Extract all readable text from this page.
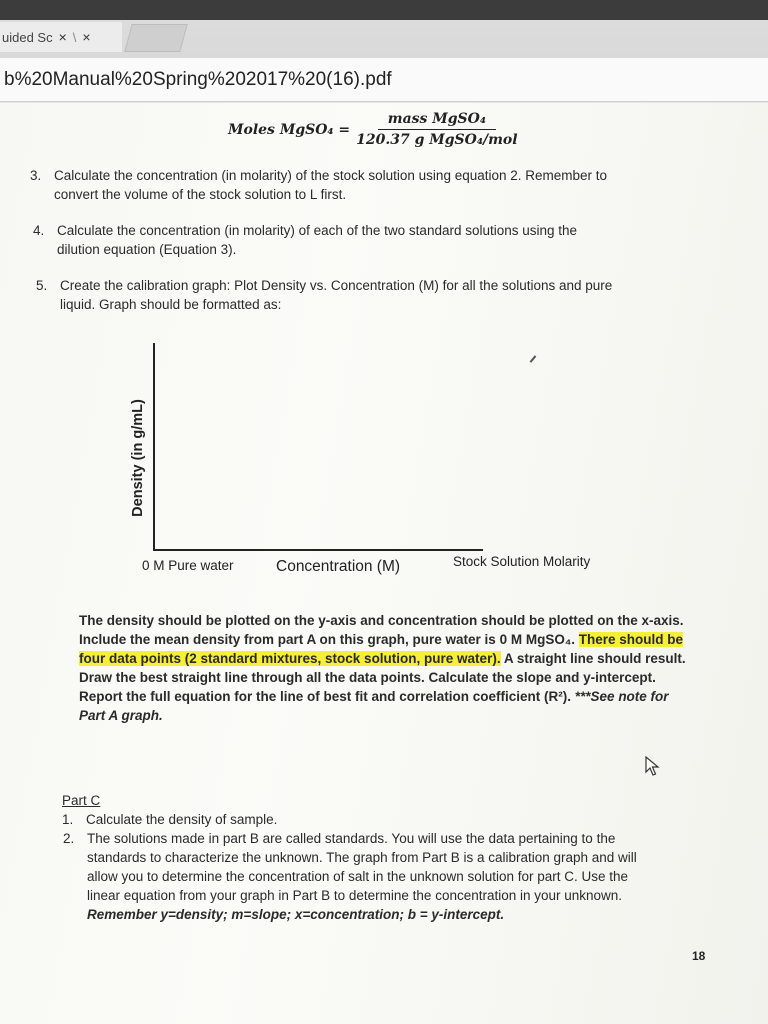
uided Sc × \ ×
b%20Manual%20Spring%202017%20(16).pdf
Moles MgSO₄ = $\frac{\text{mass MgSO₄}}{\text{120.37 g MgSO₄/mol}}$
3. Calculate the concentration (in molarity) of the stock solution using equation 2. Remember to
convert the volume of the stock solution to L first.
4. Calculate the concentration (in molarity) of each of the two standard solutions using the
dilution equation (Equation 3).
5. Create the calibration graph: Plot Density vs. Concentration (M) for all the solutions and pure
liquid. Graph should be formatted as:
Density (in g/mL)
0 M Pure water	Concentration (M)	Stock Solution Molarity
The density should be plotted on the y-axis and concentration should be plotted on the x-axis.
Include the mean density from part A on this graph, pure water is 0 M MgSO₄. There should be
four data points (2 standard mixtures, stock solution, pure water). A straight line should result.
Draw the best straight line through all the data points. Calculate the slope and y-intercept.
Report the full equation for the line of best fit and correlation coefficient (R²). ***See note for
Part A graph.
Part C
1. Calculate the density of sample.
2. The solutions made in part B are called standards. You will use the data pertaining to the
standards to characterize the unknown. The graph from Part B is a calibration graph and will
allow you to determine the concentration of salt in the unknown solution for part C. Use the
linear equation from your graph in Part B to determine the concentration in your unknown.
Remember y=density; m=slope; x=concentration; b = y-intercept.
18
